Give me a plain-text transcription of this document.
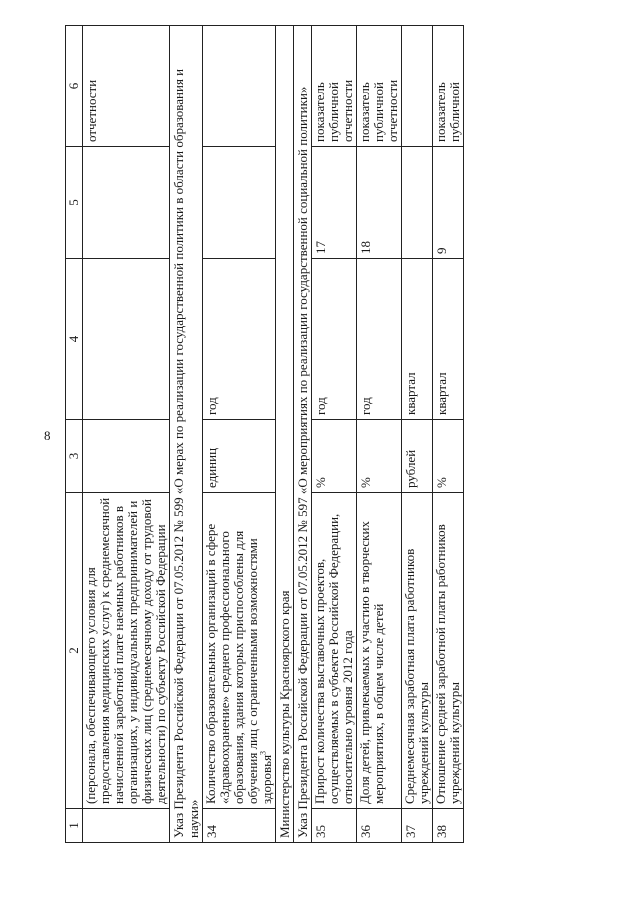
8
1	2	3	4	5	6
	(персонала, обеспечивающего условия для предоставления медицинских услуг) к среднемесячной начисленной заработной плате наемных работников в организациях, у индивидуальных предпринимателей и физических лиц (среднемесячному доходу от трудовой деятельности) по субъекту Российской Федерации				отчетности
Указ Президента Российской Федерации от 07.05.2012 № 599 «О мерах по реализации государственной политики в области образования и науки»					
34	Количество образовательных организаций в сфере «Здравоохранение» среднего профессионального образования, здания которых приспособлены для обучения лиц с ограниченными возможностями здоровья$^3$	единиц	год		
Министерство культуры Красноярского края					
Указ Президента Российской Федерации от 07.05.2012 № 597 «О мероприятиях по реализации государственной социальной политики»					
35	Прирост количества выставочных проектов, осуществляемых в субъекте Российской Федерации, относительно уровня 2012 года	%	год	17	показатель публичной отчетности
36	Доля детей, привлекаемых к участию в творческих мероприятиях, в общем числе детей	%	год	18	показатель публичной отчетности
37	Среднемесячная заработная плата работников учреждений культуры	рублей	квартал		
38	Отношение средней заработной платы работников учреждений культуры	%	квартал	9	показатель публичной
